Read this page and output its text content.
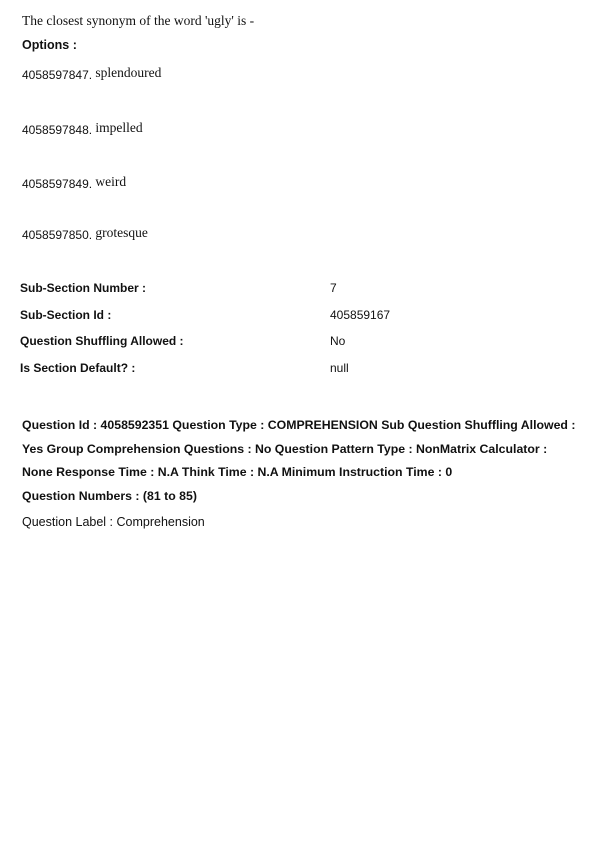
The closest synonym of the word 'ugly' is -
Options :
4058597847. splendoured
4058597848. impelled
4058597849. weird
4058597850. grotesque
Sub-Section Number :	7
Sub-Section Id :	405859167
Question Shuffling Allowed :	No
Is Section Default? :	null
Question Id : 4058592351 Question Type : COMPREHENSION Sub Question Shuffling Allowed :
Yes Group Comprehension Questions : No Question Pattern Type : NonMatrix Calculator :
None Response Time : N.A Think Time : N.A Minimum Instruction Time : 0
Question Numbers : (81 to 85)
Question Label : Comprehension
